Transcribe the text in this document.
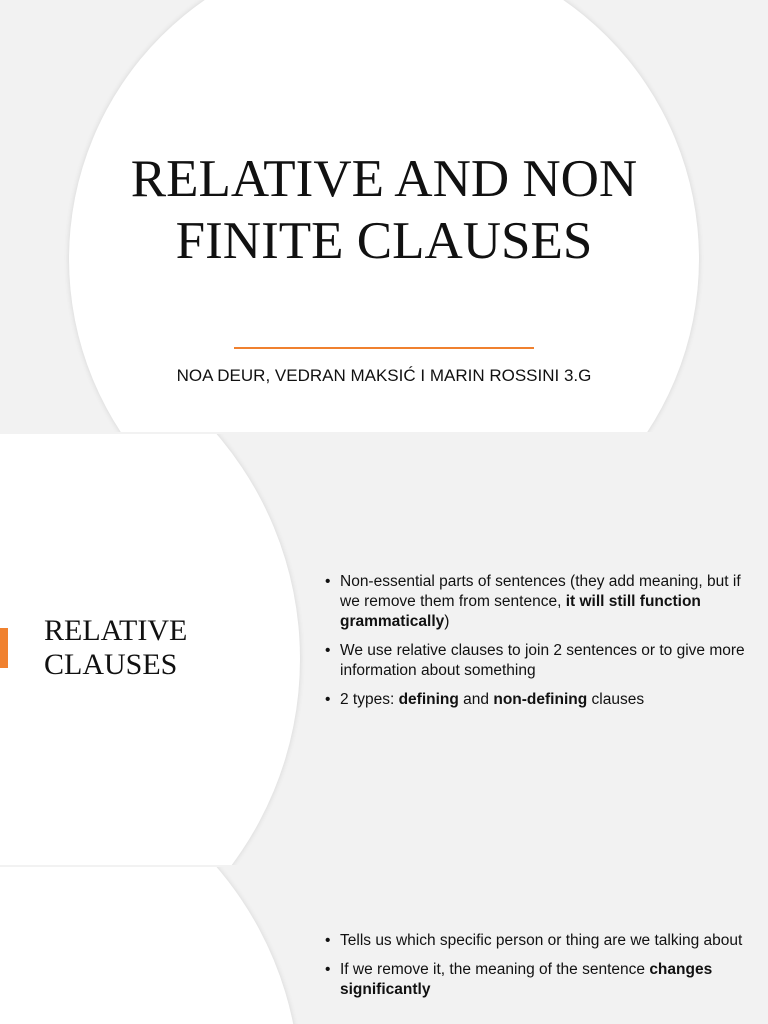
RELATIVE AND NON
FINITE CLAUSES
NOA DEUR, VEDRAN MAKSIĆ I MARIN ROSSINI 3.G
RELATIVE
CLAUSES
• Non-essential parts of sentences (they add meaning, but if we remove them from sentence, it will still function grammatically)
• We use relative clauses to join 2 sentences or to give more information about something
• 2 types: defining and non-defining clauses
• Tells us which specific person or thing are we talking about
• If we remove it, the meaning of the sentence changes significantly
